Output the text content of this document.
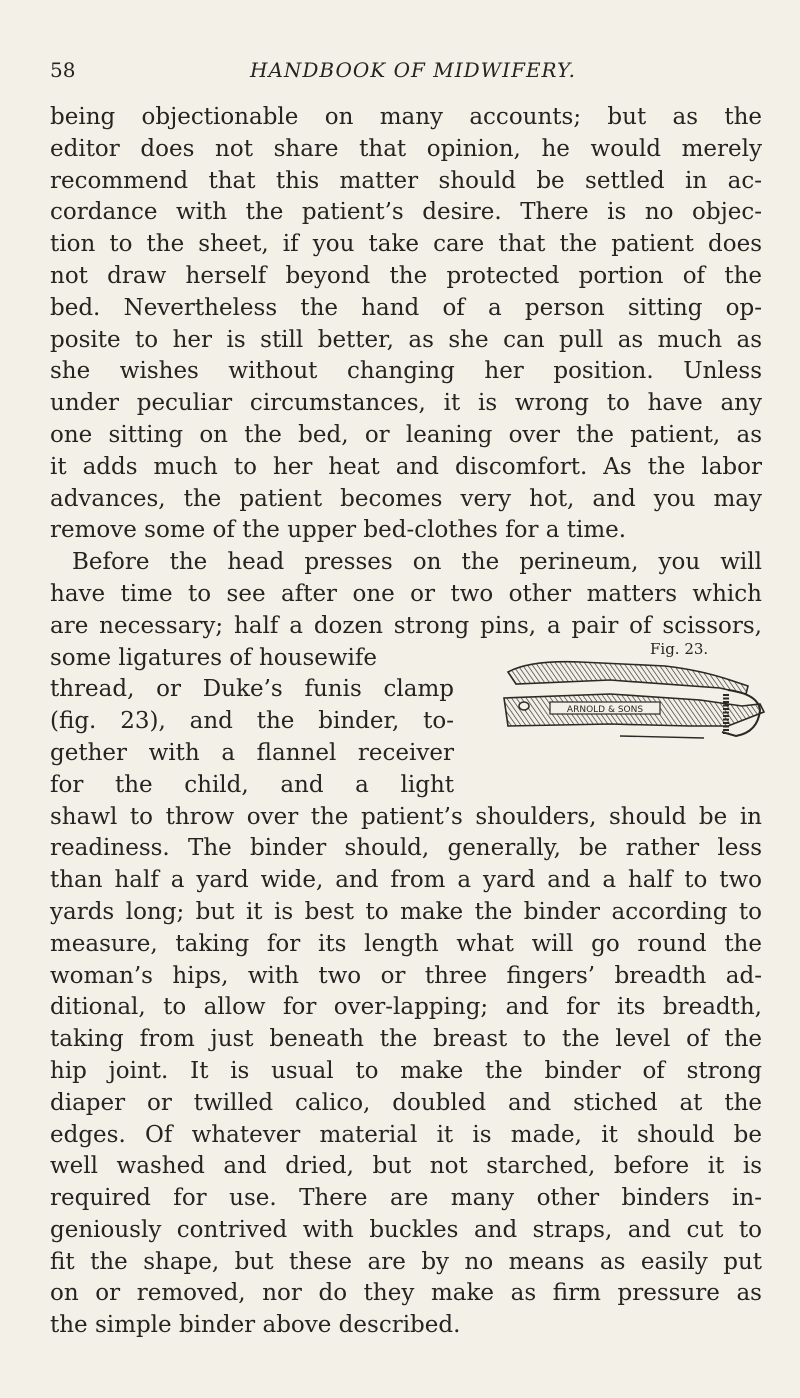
58	HANDBOOK OF MIDWIFERY.
being objectionable on many accounts; but as the
editor does not share that opinion, he would merely
recommend that this matter should be settled in ac-
cordance with the patient’s desire. There is no objec-
tion to the sheet, if you take care that the patient does
not draw herself beyond the protected portion of the
bed. Nevertheless the hand of a person sitting op-
posite to her is still better, as she can pull as much as
she wishes without changing her position. Unless
under peculiar circumstances, it is wrong to have any
one sitting on the bed, or leaning over the patient, as
it adds much to her heat and discomfort. As the labor
advances, the patient becomes very hot, and you may
remove some of the upper bed-clothes for a time.
Before the head presses on the perineum, you will
have time to see after one or two other matters which
are necessary; half a dozen strong pins, a pair of scissors,
some ligatures of housewife
thread, or Duke’s funis clamp
(fig. 23), and the binder, to-
gether with a flannel receiver
for the child, and a light
shawl to throw over the patient’s shoulders, should be in
readiness. The binder should, generally, be rather less
than half a yard wide, and from a yard and a half to two
yards long; but it is best to make the binder according to
measure, taking for its length what will go round the
woman’s hips, with two or three fingers’ breadth ad-
ditional, to allow for over-lapping; and for its breadth,
taking from just beneath the breast to the level of the
hip joint. It is usual to make the binder of strong
diaper or twilled calico, doubled and stiched at the
edges. Of whatever material it is made, it should be
well washed and dried, but not starched, before it is
required for use. There are many other binders in-
geniously contrived with buckles and straps, and cut to
fit the shape, but these are by no means as easily put
on or removed, nor do they make as firm pressure as
the simple binder above described.
Fig. 23.
ARNOLD & SONS
